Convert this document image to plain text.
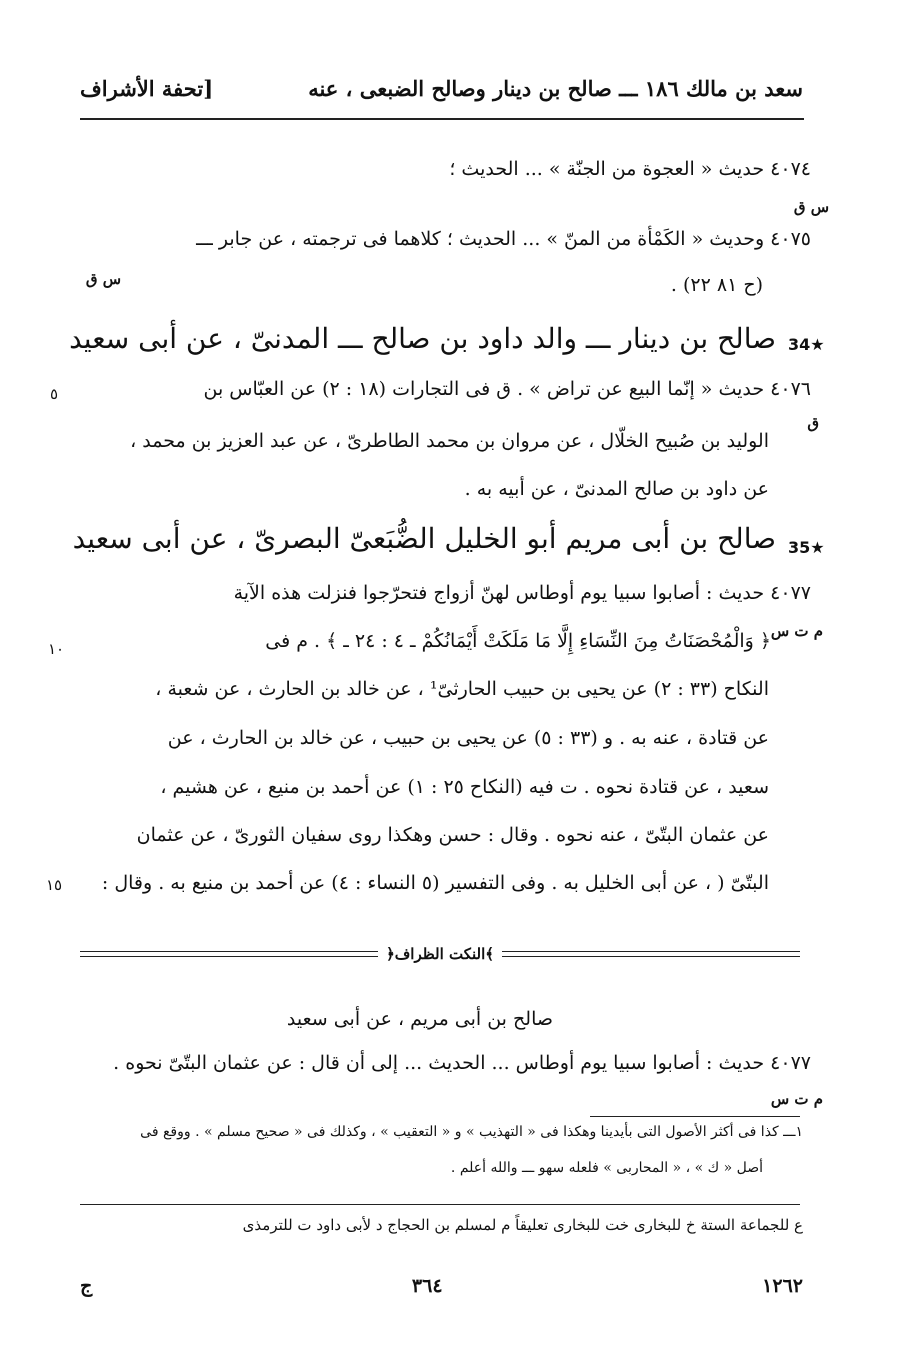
سعد بن مالك ١٨٦ ـــ صالح بن دينار وصالح الضبعى ، عنه
[تحفة الأشراف
٤٠٧٤ حديث « العجوة من الجنّة » ... الحديث ؛
س ق
٤٠٧٥ وحديث « الكَمْأة من المنّ » ... الحديث ؛ كلاهما فى ترجمته ، عن جابر ـــ
س ق	(ح ٨١ ٢٢) .
34★
صالح بن دينار ـــ والد داود بن صالح ـــ المدنىّ ، عن أبى سعيد
٤٠٧٦ حديث « إنّما البيع عن تراض » . ق فى التجارات (١٨ : ٢) عن العبّاس بن
٥
ق
الوليد بن صُبيح الخلّال ، عن مروان بن محمد الطاطرىّ ، عن عبد العزيز بن محمد ،
عن داود بن صالح المدنىّ ، عن أبيه به .
35★
صالح بن أبى مريم أبو الخليل الضُّبَعىّ البصرىّ ، عن أبى سعيد
٤٠٧٧ حديث : أصابوا سبيا يوم أوطاس لهنّ أزواج فتحرّجوا فنزلت هذه الآية
م ت س
﴿ وَالْمُحْصَنَاتُ مِنَ النِّسَاءِ إِلَّا مَا مَلَكَتْ أَيْمَانُكُمْ ـ ٤ : ٢٤ ـ ﴾ . م فى
١٠
النكاح (٣٣ : ٢) عن يحيى بن حبيب الحارثىّ¹ ، عن خالد بن الحارث ، عن شعبة ،
عن قتادة ، عنه به . و (٣٣ : ٥) عن يحيى بن حبيب ، عن خالد بن الحارث ، عن
سعيد ، عن قتادة نحوه . ت فيه (النكاح ٢٥ : ١) عن أحمد بن منيع ، عن هشيم ،
عن عثمان البتّىّ ، عنه نحوه . وقال : حسن وهكذا روى سفيان الثورىّ ، عن عثمان
البتّىّ ( ، عن أبى الخليل به . وفى التفسير (٥ النساء : ٤) عن أحمد بن منيع به . وقال :
١٥
﴾النكت الظراف﴿
صالح بن أبى مريم ، عن أبى سعيد
٤٠٧٧ حديث : أصابوا سبيا يوم أوطاس ... الحديث ... إلى أن قال : عن عثمان البتّىّ نحوه .
م ت س
١ـــ كذا فى أكثر الأصول التى بأيدينا وهكذا فى « التهذيب » و « التعقيب » ، وكذلك فى « صحيح مسلم » . ووقع فى
أصل « ك » ، « المحاربى » فلعله سهو ـــ والله أعلم .
ع للجماعة الستة خ للبخارى خت للبخارى تعليقاً م لمسلم بن الحجاج د لأبى داود ت للترمذى
١٢٦٢
٣٦٤
ج
